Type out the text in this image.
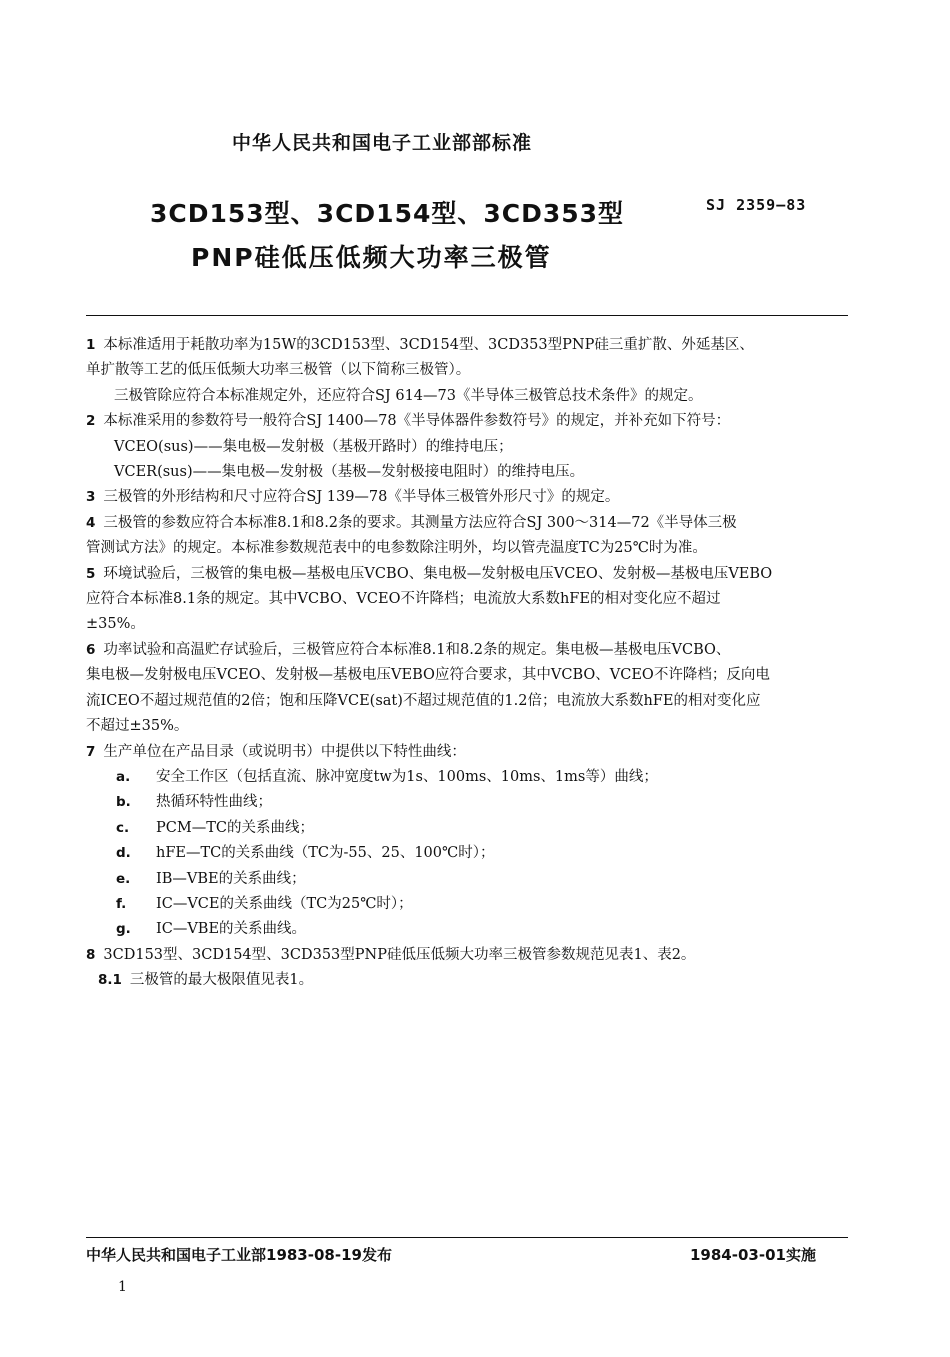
中华人民共和国电子工业部部标准
3CD153型、3CD154型、3CD353型
PNP硅低压低频大功率三极管
SJ 2359—83

1 本标准适用于耗散功率为15W的3CD153型、3CD154型、3CD353型PNP硅三重扩散、外延基区、

单扩散等工艺的低压低频大功率三极管（以下简称三极管）。

三极管除应符合本标准规定外，还应符合SJ 614—73《半导体三极管总技术条件》的规定。

2 本标准采用的参数符号一般符合SJ 1400—78《半导体器件参数符号》的规定，并补充如下符号：

VCEO(sus)——集电极—发射极（基极开路时）的维持电压；

VCER(sus)——集电极—发射极（基极—发射极接电阻时）的维持电压。

3 三极管的外形结构和尺寸应符合SJ 139—78《半导体三极管外形尺寸》的规定。

4 三极管的参数应符合本标准8.1和8.2条的要求。其测量方法应符合SJ 300～314—72《半导体三极

管测试方法》的规定。本标准参数规范表中的电参数除注明外，均以管壳温度TC为25℃时为准。

5 环境试验后，三极管的集电极—基极电压VCBO、集电极—发射极电压VCEO、发射极—基极电压VEBO

应符合本标准8.1条的规定。其中VCBO、VCEO不许降档；电流放大系数hFE的相对变化应不超过

±35%。

6 功率试验和高温贮存试验后，三极管应符合本标准8.1和8.2条的规定。集电极—基极电压VCBO、

集电极—发射极电压VCEO、发射极—基极电压VEBO应符合要求，其中VCBO、VCEO不许降档；反向电

流ICEO不超过规范值的2倍；饱和压降VCE(sat)不超过规范值的1.2倍；电流放大系数hFE的相对变化应

不超过±35%。

7 生产单位在产品目录（或说明书）中提供以下特性曲线：

a. 安全工作区（包括直流、脉冲宽度tw为1s、100ms、10ms、1ms等）曲线；

b. 热循环特性曲线；

c. PCM—TC的关系曲线；

d. hFE—TC的关系曲线（TC为-55、25、100℃时）；

e. IB—VBE的关系曲线；

f. IC—VCE的关系曲线（TC为25℃时）；

g. IC—VBE的关系曲线。

8 3CD153型、3CD154型、3CD353型PNP硅低压低频大功率三极管参数规范见表1、表2。

8.1 三极管的最大极限值见表1。

中华人民共和国电子工业部1983-08-19发布	1984-03-01实施
1
